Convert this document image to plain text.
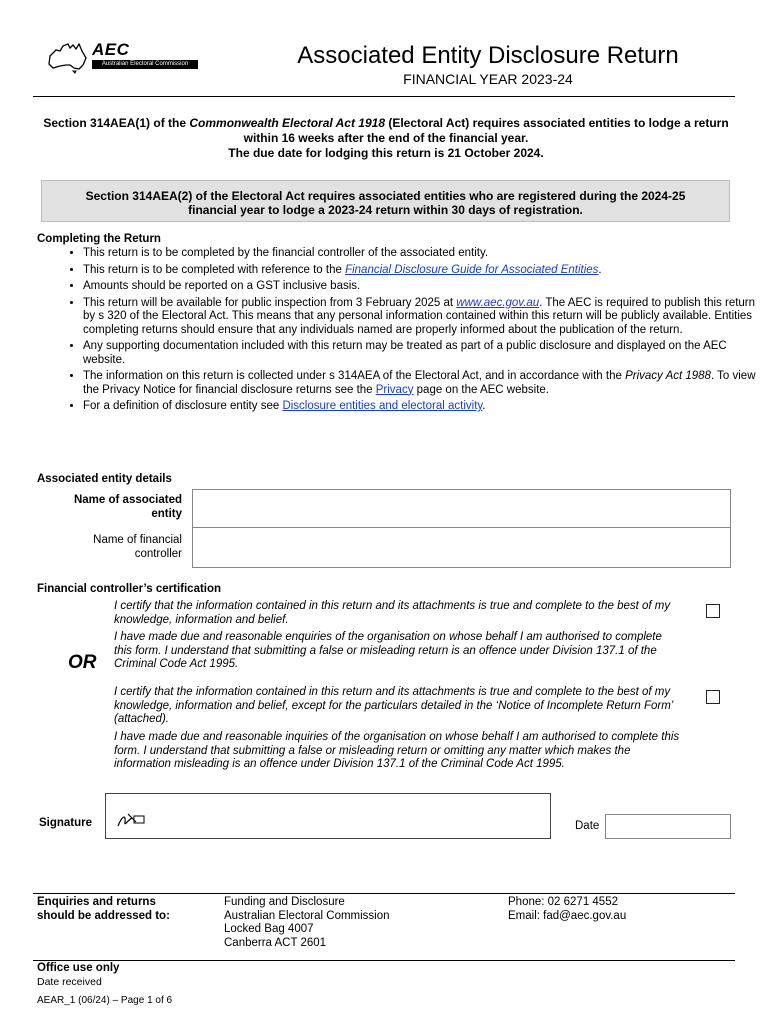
AEC
Australian Electoral Commission	Associated Entity Disclosure Return
FINANCIAL YEAR 2023-24
Section 314AEA(1) of the Commonwealth Electoral Act 1918 (Electoral Act) requires associated entities to lodge a return within 16 weeks after the end of the financial year.
The due date for lodging this return is 21 October 2024.
Section 314AEA(2) of the Electoral Act requires associated entities who are registered during the 2024-25 financial year to lodge a 2023-24 return within 30 days of registration.
Completing the Return
• This return is to be completed by the financial controller of the associated entity.
• This return is to be completed with reference to the Financial Disclosure Guide for Associated Entities.
• Amounts should be reported on a GST inclusive basis.
• This return will be available for public inspection from 3 February 2025 at www.aec.gov.au. The AEC is required to publish this return by s 320 of the Electoral Act. This means that any personal information contained within this return will be publicly available. Entities completing returns should ensure that any individuals named are properly informed about the publication of the return.
• Any supporting documentation included with this return may be treated as part of a public disclosure and displayed on the AEC website.
• The information on this return is collected under s 314AEA of the Electoral Act, and in accordance with the Privacy Act 1988. To view the Privacy Notice for financial disclosure returns see the Privacy page on the AEC website.
• For a definition of disclosure entity see Disclosure entities and electoral activity.
Associated entity details
Name of associated entity
Name of financial controller
Financial controller’s certification
I certify that the information contained in this return and its attachments is true and complete to the best of my knowledge, information and belief.
I have made due and reasonable enquiries of the organisation on whose behalf I am authorised to complete this form. I understand that submitting a false or misleading return is an offence under Division 137.1 of the Criminal Code Act 1995.
OR
I certify that the information contained in this return and its attachments is true and complete to the best of my knowledge, information and belief, except for the particulars detailed in the ‘Notice of Incomplete Return Form’ (attached).
I have made due and reasonable inquiries of the organisation on whose behalf I am authorised to complete this form. I understand that submitting a false or misleading return or omitting any matter which makes the information misleading is an offence under Division 137.1 of the Criminal Code Act 1995.
Signature	Date
Enquiries and returns
should be addressed to:
Funding and Disclosure
Australian Electoral Commission
Locked Bag 4007
Canberra ACT 2601
Phone: 02 6271 4552
Email: fad@aec.gov.au
Office use only
Date received
AEAR_1 (06/24) – Page 1 of 6
